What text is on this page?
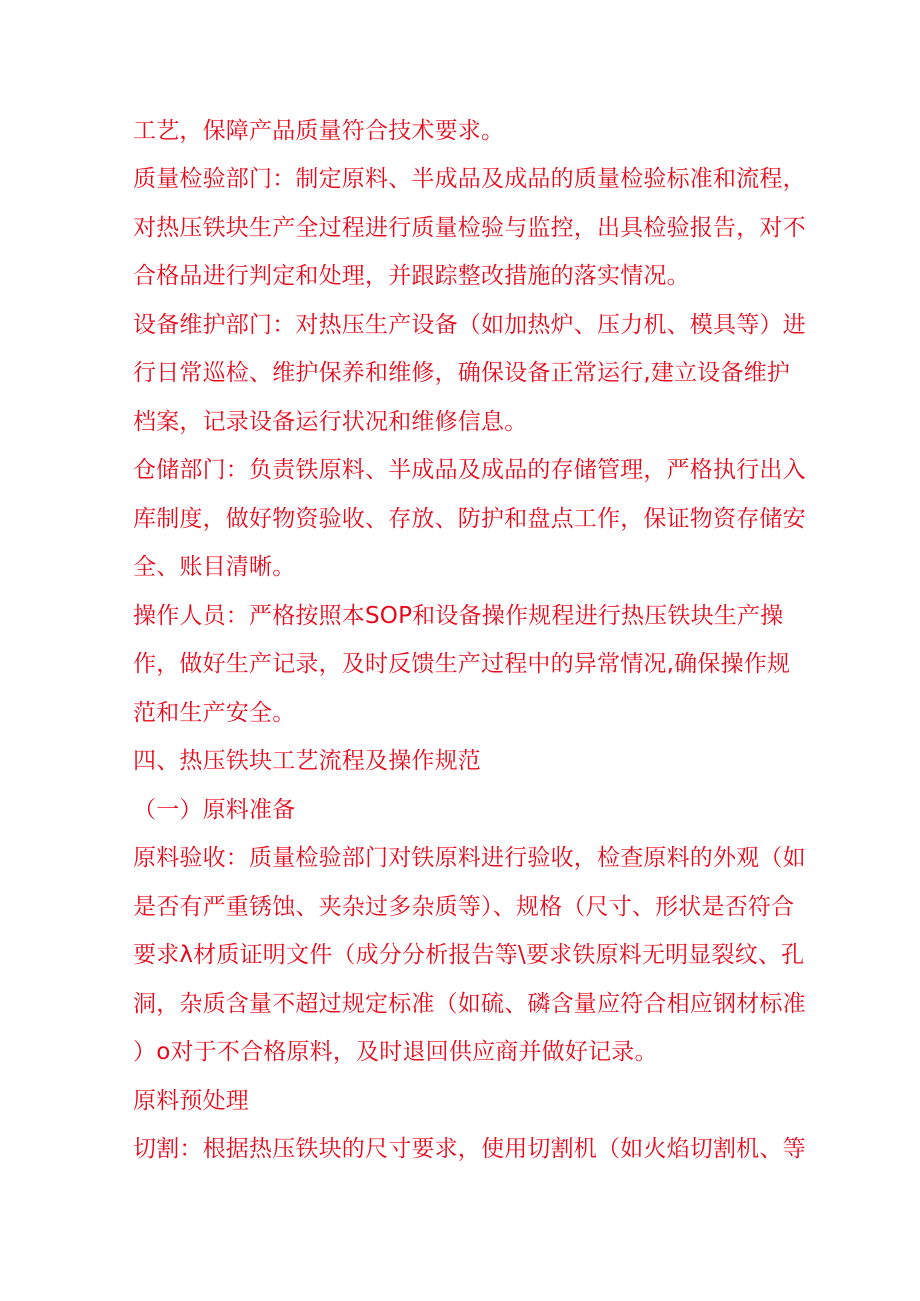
工艺，保障产品质量符合技术要求。
质量检验部门：制定原料、半成品及成品的质量检验标准和流程，
对热压铁块生产全过程进行质量检验与监控，出具检验报告，对不
合格品进行判定和处理，并跟踪整改措施的落实情况。
设备维护部门：对热压生产设备（如加热炉、压力机、模具等）进
行日常巡检、维护保养和维修，确保设备正常运行,建立设备维护
档案，记录设备运行状况和维修信息。
仓储部门：负责铁原料、半成品及成品的存储管理，严格执行出入
库制度，做好物资验收、存放、防护和盘点工作，保证物资存储安
全、账目清晰。
操作人员：严格按照本SOP和设备操作规程进行热压铁块生产操
作，做好生产记录，及时反馈生产过程中的异常情况,确保操作规
范和生产安全。
四、热压铁块工艺流程及操作规范
（一）原料准备
原料验收：质量检验部门对铁原料进行验收，检查原料的外观（如
是否有严重锈蚀、夹杂过多杂质等）、规格（尺寸、形状是否符合
要求λ材质证明文件（成分分析报告等\要求铁原料无明显裂纹、孔
洞，杂质含量不超过规定标准（如硫、磷含量应符合相应钢材标准
）o对于不合格原料，及时退回供应商并做好记录。
原料预处理
切割：根据热压铁块的尺寸要求，使用切割机（如火焰切割机、等
